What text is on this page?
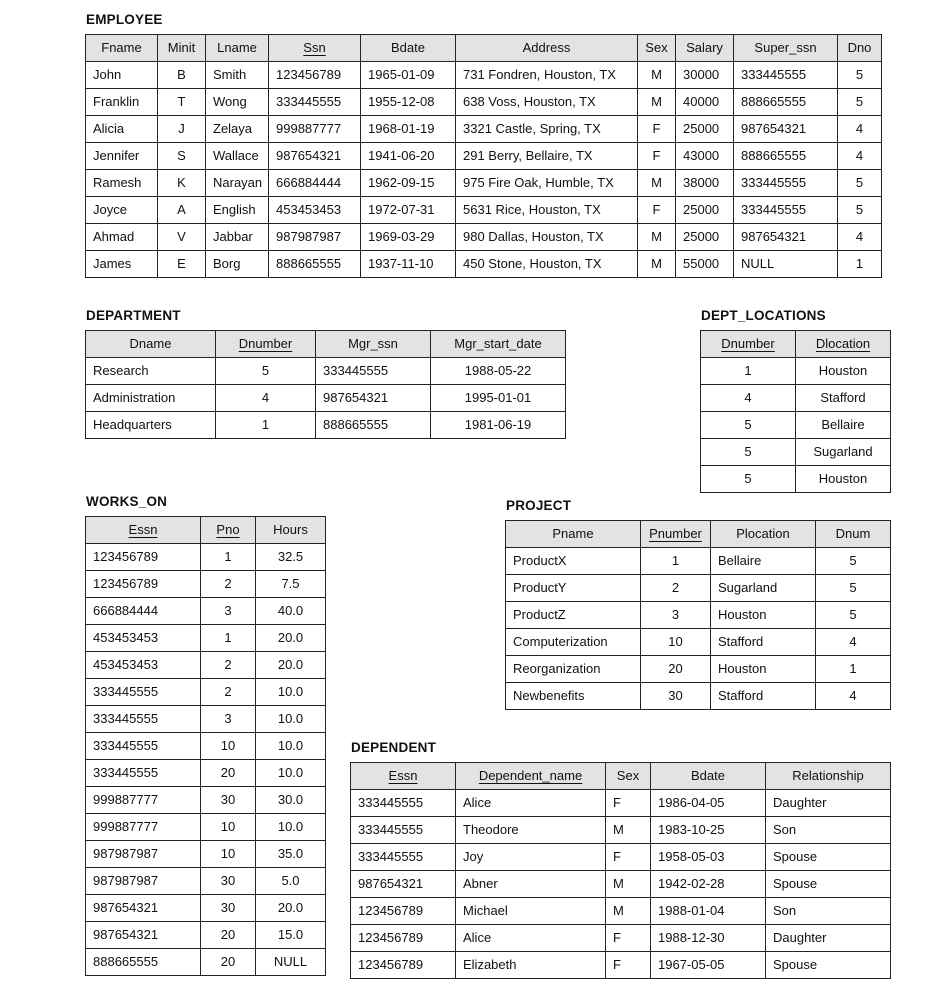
EMPLOYEE
Fname	Minit	Lname	Ssn	Bdate	Address	Sex	Salary	Super_ssn	Dno
John	B	Smith	123456789	1965-01-09	731 Fondren, Houston, TX	M	30000	333445555	5
Franklin	T	Wong	333445555	1955-12-08	638 Voss, Houston, TX	M	40000	888665555	5
Alicia	J	Zelaya	999887777	1968-01-19	3321 Castle, Spring, TX	F	25000	987654321	4
Jennifer	S	Wallace	987654321	1941-06-20	291 Berry, Bellaire, TX	F	43000	888665555	4
Ramesh	K	Narayan	666884444	1962-09-15	975 Fire Oak, Humble, TX	M	38000	333445555	5
Joyce	A	English	453453453	1972-07-31	5631 Rice, Houston, TX	F	25000	333445555	5
Ahmad	V	Jabbar	987987987	1969-03-29	980 Dallas, Houston, TX	M	25000	987654321	4
James	E	Borg	888665555	1937-11-10	450 Stone, Houston, TX	M	55000	NULL	1
DEPARTMENT
Dname	Dnumber	Mgr_ssn	Mgr_start_date
Research	5	333445555	1988-05-22
Administration	4	987654321	1995-01-01
Headquarters	1	888665555	1981-06-19
DEPT_LOCATIONS
Dnumber	Dlocation
1	Houston
4	Stafford
5	Bellaire
5	Sugarland
5	Houston
WORKS_ON
Essn	Pno	Hours
123456789	1	32.5
123456789	2	7.5
666884444	3	40.0
453453453	1	20.0
453453453	2	20.0
333445555	2	10.0
333445555	3	10.0
333445555	10	10.0
333445555	20	10.0
999887777	30	30.0
999887777	10	10.0
987987987	10	35.0
987987987	30	5.0
987654321	30	20.0
987654321	20	15.0
888665555	20	NULL
PROJECT
Pname	Pnumber	Plocation	Dnum
ProductX	1	Bellaire	5
ProductY	2	Sugarland	5
ProductZ	3	Houston	5
Computerization	10	Stafford	4
Reorganization	20	Houston	1
Newbenefits	30	Stafford	4
DEPENDENT
Essn	Dependent_name	Sex	Bdate	Relationship
333445555	Alice	F	1986-04-05	Daughter
333445555	Theodore	M	1983-10-25	Son
333445555	Joy	F	1958-05-03	Spouse
987654321	Abner	M	1942-02-28	Spouse
123456789	Michael	M	1988-01-04	Son
123456789	Alice	F	1988-12-30	Daughter
123456789	Elizabeth	F	1967-05-05	Spouse
